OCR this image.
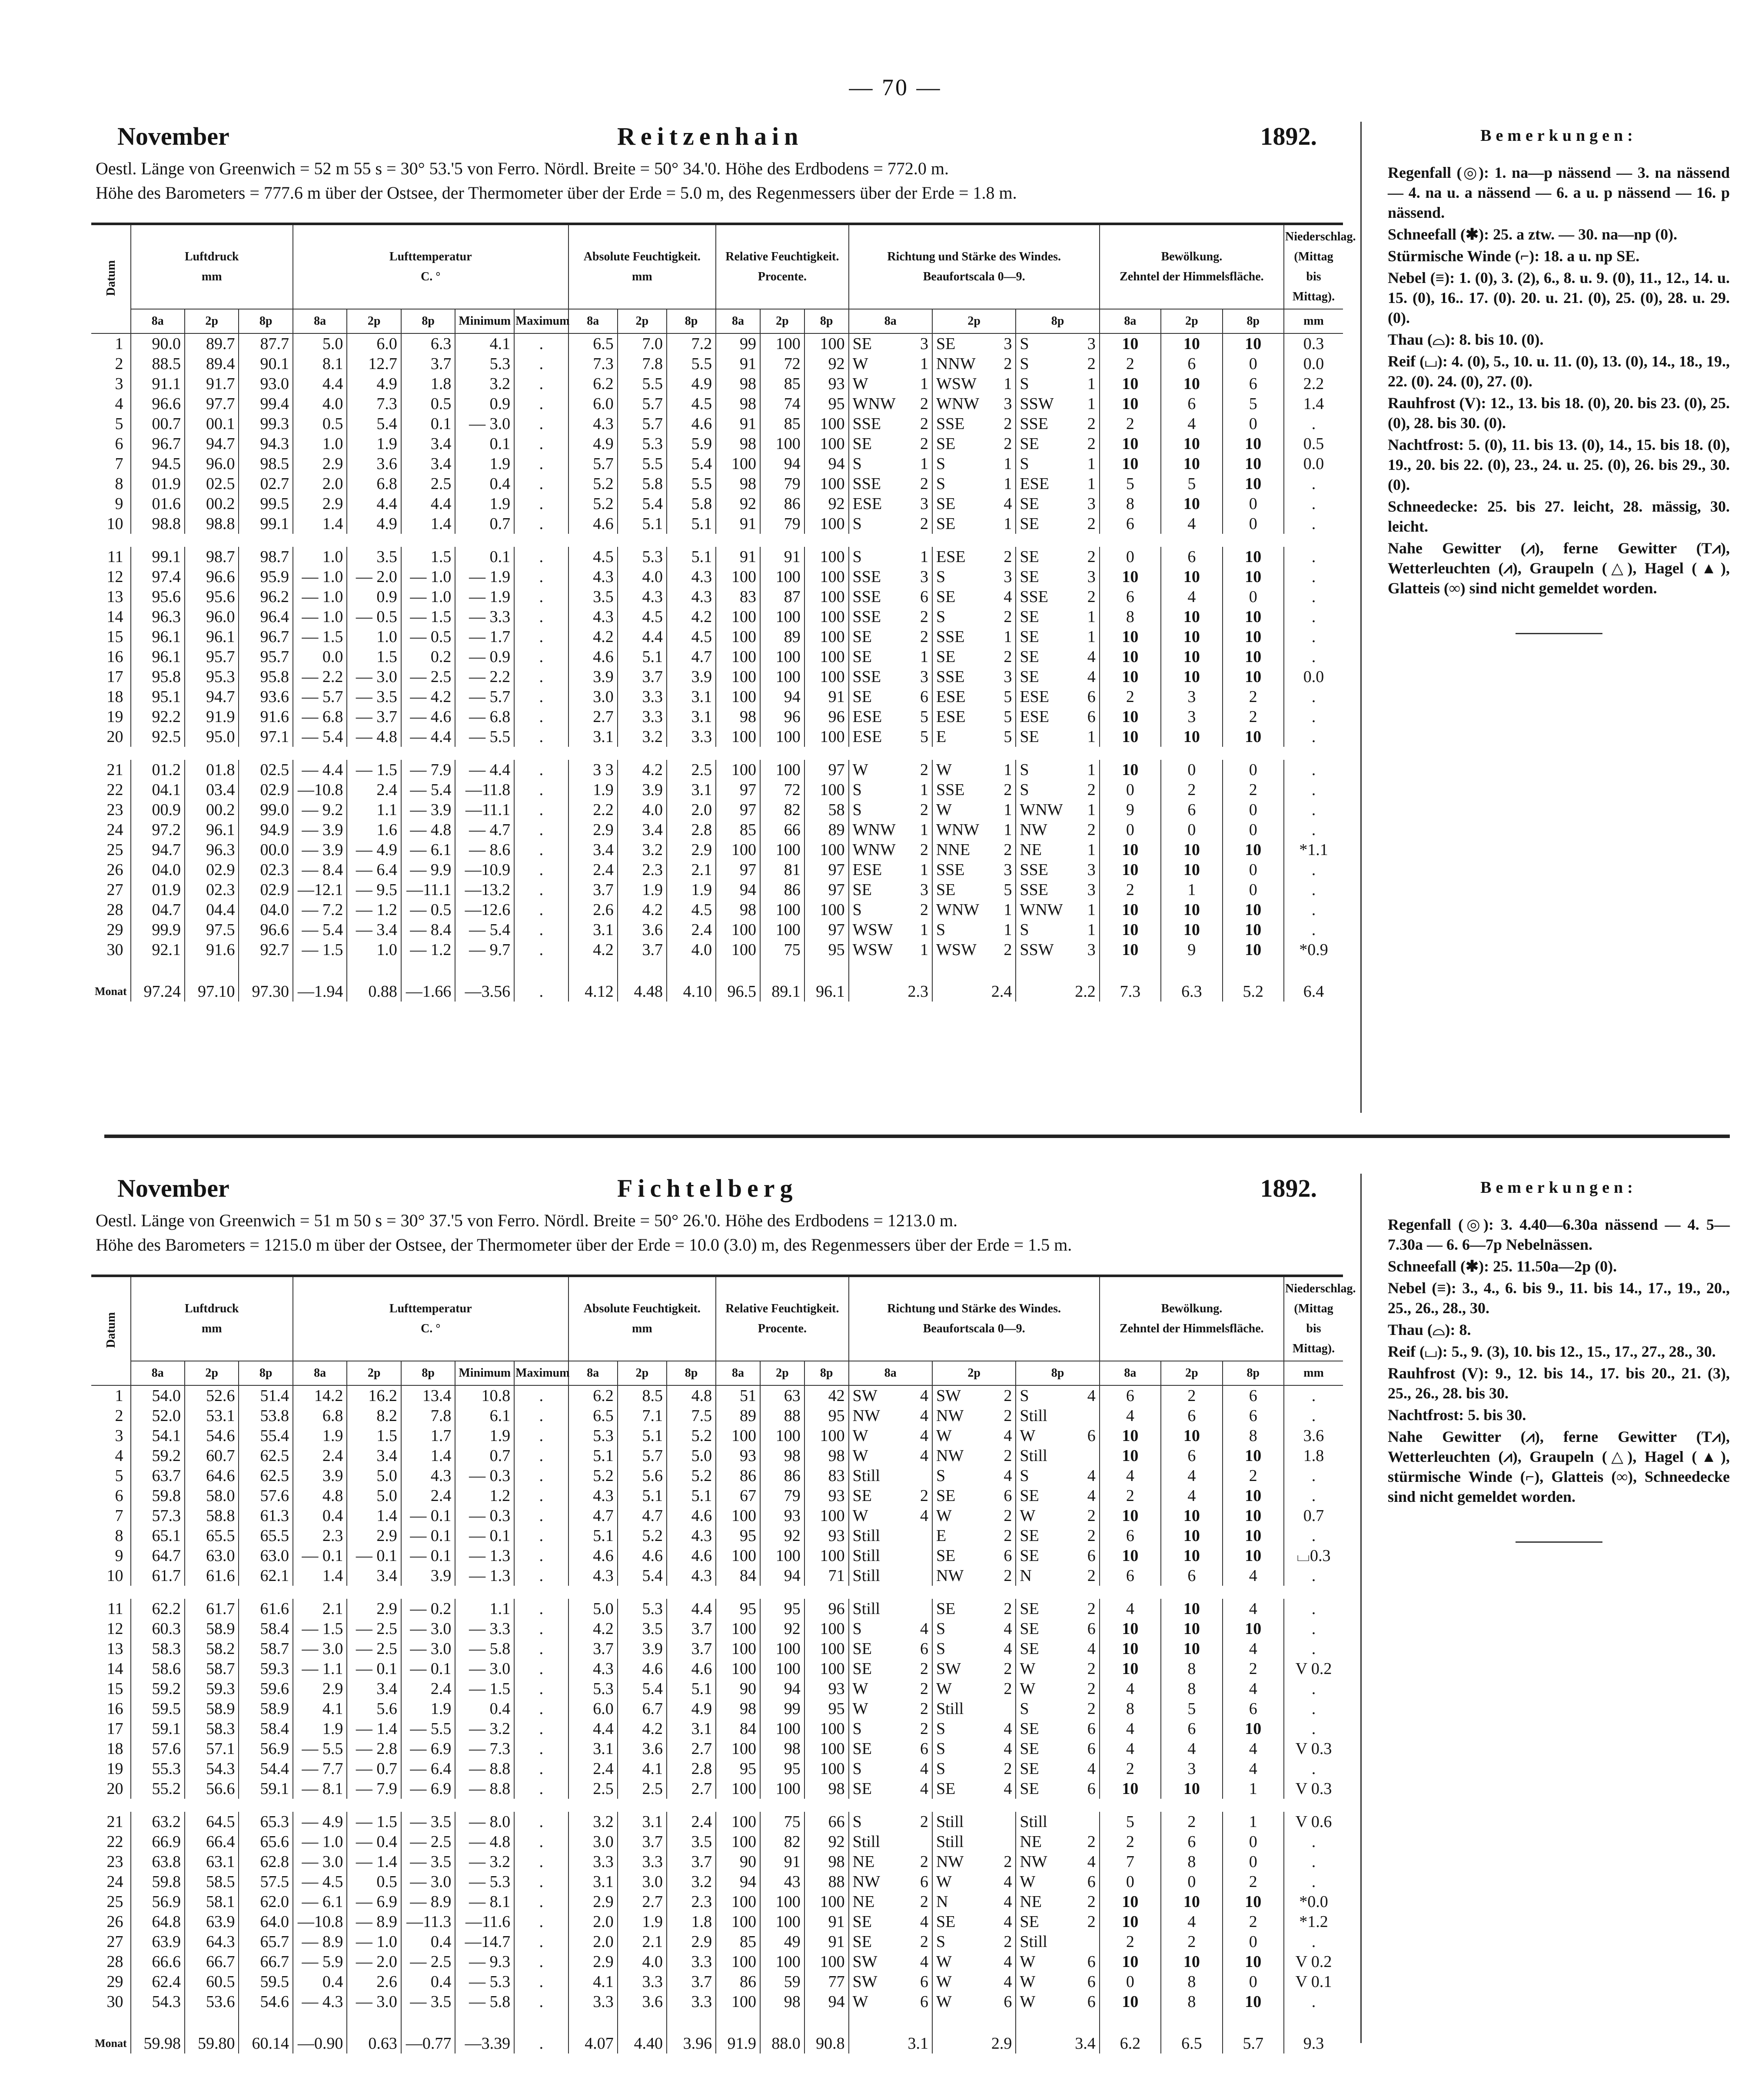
— 70 —
November	Reitzenhain	1892.
Oestl. Länge von Greenwich = 52 m 55 s = 30° 53.'5 von Ferro. Nördl. Breite = 50° 34.'0. Höhe des Erdbodens = 772.0 m.
Höhe des Barometers = 777.6 m über der Ostsee, der Thermometer über der Erde = 5.0 m, des Regenmessers über der Erde = 1.8 m.
Datum	Luftdruck
mm			Lufttemperatur
C. °					Absolute Feuchtigkeit.
mm			Relative Feuchtigkeit.
Procente.			Richtung und Stärke des Windes.
Beaufortscala 0—9.			Bewölkung.
Zehntel der Himmelsfläche.			Niederschlag.
(Mittag bis Mittag).
	8a	2p	8p	8a	2p	8p	Minimum	Maximum	8a	2p	8p	8a	2p	8p	8a	2p	8p	8a	2p	8p	mm
1	90.0	89.7	87.7	5.0	6.0	6.3	4.1	.	6.5	7.0	7.2	99	100	100	SE 3	SE 3	S 3	10	10	10	0.3
2	88.5	89.4	90.1	8.1	12.7	3.7	5.3	.	7.3	7.8	5.5	91	72	92	W 1	NNW 2	S 2	2	6	0	0.0
3	91.1	91.7	93.0	4.4	4.9	1.8	3.2	.	6.2	5.5	4.9	98	85	93	W 1	WSW 1	S 1	10	10	6	2.2
4	96.6	97.7	99.4	4.0	7.3	0.5	0.9	.	6.0	5.7	4.5	98	74	95	WNW 2	WNW 3	SSW 1	10	6	5	1.4
5	00.7	00.1	99.3	0.5	5.4	0.1	— 3.0	.	4.3	5.7	4.6	91	85	100	SSE 2	SSE 2	SSE 2	2	4	0	.
6	96.7	94.7	94.3	1.0	1.9	3.4	0.1	.	4.9	5.3	5.9	98	100	100	SE 2	SE 2	SE 2	10	10	10	0.5
7	94.5	96.0	98.5	2.9	3.6	3.4	1.9	.	5.7	5.5	5.4	100	94	94	S 1	S 1	S 1	10	10	10	0.0
8	01.9	02.5	02.7	2.0	6.8	2.5	0.4	.	5.2	5.8	5.5	98	79	100	SSE 2	S 1	ESE 1	5	5	10	.
9	01.6	00.2	99.5	2.9	4.4	4.4	1.9	.	5.2	5.4	5.8	92	86	92	ESE 3	SE 4	SE 3	8	10	0	.
10	98.8	98.8	99.1	1.4	4.9	1.4	0.7	.	4.6	5.1	5.1	91	79	100	S 2	SE 1	SE 2	6	4	0	.

11	99.1	98.7	98.7	1.0	3.5	1.5	0.1	.	4.5	5.3	5.1	91	91	100	S 1	ESE 2	SE 2	0	6	10	.
12	97.4	96.6	95.9	— 1.0	— 2.0	— 1.0	— 1.9	.	4.3	4.0	4.3	100	100	100	SSE 3	S 3	SE 3	10	10	10	.
13	95.6	95.6	96.2	— 1.0	0.9	— 1.0	— 1.9	.	3.5	4.3	4.3	83	87	100	SSE 6	SE 4	SSE 2	6	4	0	.
14	96.3	96.0	96.4	— 1.0	— 0.5	— 1.5	— 3.3	.	4.3	4.5	4.2	100	100	100	SSE 2	S 2	SE 1	8	10	10	.
15	96.1	96.1	96.7	— 1.5	1.0	— 0.5	— 1.7	.	4.2	4.4	4.5	100	89	100	SE 2	SSE 1	SE 1	10	10	10	.
16	96.1	95.7	95.7	0.0	1.5	0.2	— 0.9	.	4.6	5.1	4.7	100	100	100	SE 1	SE 2	SE 4	10	10	10	.
17	95.8	95.3	95.8	— 2.2	— 3.0	— 2.5	— 2.2	.	3.9	3.7	3.9	100	100	100	SSE 3	SSE 3	SE 4	10	10	10	0.0
18	95.1	94.7	93.6	— 5.7	— 3.5	— 4.2	— 5.7	.	3.0	3.3	3.1	100	94	91	SE 6	ESE 5	ESE 6	2	3	2	.
19	92.2	91.9	91.6	— 6.8	— 3.7	— 4.6	— 6.8	.	2.7	3.3	3.1	98	96	96	ESE 5	ESE 5	ESE 6	10	3	2	.
20	92.5	95.0	97.1	— 5.4	— 4.8	— 4.4	— 5.5	.	3.1	3.2	3.3	100	100	100	ESE 5	E 5	SE 1	10	10	10	.

21	01.2	01.8	02.5	— 4.4	— 1.5	— 7.9	— 4.4	.	3 3	4.2	2.5	100	100	97	W 2	W 1	S 1	10	0	0	.
22	04.1	03.4	02.9	—10.8	2.4	— 5.4	—11.8	.	1.9	3.9	3.1	97	72	100	S 1	SSE 2	S 2	0	2	2	.
23	00.9	00.2	99.0	— 9.2	1.1	— 3.9	—11.1	.	2.2	4.0	2.0	97	82	58	S 2	W 1	WNW 1	9	6	0	.
24	97.2	96.1	94.9	— 3.9	1.6	— 4.8	— 4.7	.	2.9	3.4	2.8	85	66	89	WNW 1	WNW 1	NW 2	0	0	0	.
25	94.7	96.3	00.0	— 3.9	— 4.9	— 6.1	— 8.6	.	3.4	3.2	2.9	100	100	100	WNW 2	NNE 2	NE 1	10	10	10	*1.1
26	04.0	02.9	02.3	— 8.4	— 6.4	— 9.9	—10.9	.	2.4	2.3	2.1	97	81	97	ESE 1	SSE 3	SSE 3	10	10	0	.
27	01.9	02.3	02.9	—12.1	— 9.5	—11.1	—13.2	.	3.7	1.9	1.9	94	86	97	SE 3	SE 5	SSE 3	2	1	0	.
28	04.7	04.4	04.0	— 7.2	— 1.2	— 0.5	—12.6	.	2.6	4.2	4.5	98	100	100	S 2	WNW 1	WNW 1	10	10	10	.
29	99.9	97.5	96.6	— 5.4	— 3.4	— 8.4	— 5.4	.	3.1	3.6	2.4	100	100	97	WSW 1	S 1	S 1	10	10	10	.
30	92.1	91.6	92.7	— 1.5	1.0	— 1.2	— 9.7	.	4.2	3.7	4.0	100	75	95	WSW 1	WSW 2	SSW 3	10	9	10	*0.9
Monat	97.24	97.10	97.30	—1.94	0.88	—1.66	—3.56	.	4.12	4.48	4.10	96.5	89.1	96.1	2.3	2.4	2.2	7.3	6.3	5.2	6.4
Bemerkungen:

Regenfall (◎): 1. na—p nässend — 3. na nässend — 4. na u. a nässend — 6. a u. p nässend — 16. p nässend.

Schneefall (✱): 25. a ztw. — 30. na—np (0).

Stürmische Winde (⌐): 18. a u. np SE.

Nebel (≡): 1. (0), 3. (2), 6., 8. u. 9. (0), 11., 12., 14. u. 15. (0), 16.. 17. (0). 20. u. 21. (0), 25. (0), 28. u. 29. (0).

Thau (⌓): 8. bis 10. (0).

Reif (⌴): 4. (0), 5., 10. u. 11. (0), 13. (0), 14., 18., 19., 22. (0). 24. (0), 27. (0).

Rauhfrost (V): 12., 13. bis 18. (0), 20. bis 23. (0), 25. (0), 28. bis 30. (0).

Nachtfrost: 5. (0), 11. bis 13. (0), 14., 15. bis 18. (0), 19., 20. bis 22. (0), 23., 24. u. 25. (0), 26. bis 29., 30. (0).

Schneedecke: 25. bis 27. leicht, 28. mässig, 30. leicht.

Nahe Gewitter (⩘), ferne Gewitter (T⩘), Wetterleuchten (⩘), Graupeln (△), Hagel (▲), Glatteis (∞) sind nicht gemeldet worden.

November	Fichtelberg	1892.
Oestl. Länge von Greenwich = 51 m 50 s = 30° 37.'5 von Ferro. Nördl. Breite = 50° 26.'0. Höhe des Erdbodens = 1213.0 m.
Höhe des Barometers = 1215.0 m über der Ostsee, der Thermometer über der Erde = 10.0 (3.0) m, des Regenmessers über der Erde = 1.5 m.
Datum	Luftdruck
mm			Lufttemperatur
C. °					Absolute Feuchtigkeit.
mm			Relative Feuchtigkeit.
Procente.			Richtung und Stärke des Windes.
Beaufortscala 0—9.			Bewölkung.
Zehntel der Himmelsfläche.			Niederschlag.
(Mittag bis Mittag).
	8a	2p	8p	8a	2p	8p	Minimum	Maximum	8a	2p	8p	8a	2p	8p	8a	2p	8p	8a	2p	8p	mm
1	54.0	52.6	51.4	14.2	16.2	13.4	10.8	.	6.2	8.5	4.8	51	63	42	SW 4	SW 2	S 4	6	2	6	.
2	52.0	53.1	53.8	6.8	8.2	7.8	6.1	.	6.5	7.1	7.5	89	88	95	NW 4	NW 2	Still	4	6	6	.
3	54.1	54.6	55.4	1.9	1.5	1.7	1.9	.	5.3	5.1	5.2	100	100	100	W 4	W 4	W 6	10	10	8	3.6
4	59.2	60.7	62.5	2.4	3.4	1.4	0.7	.	5.1	5.7	5.0	93	98	98	W 4	NW 2	Still	10	6	10	1.8
5	63.7	64.6	62.5	3.9	5.0	4.3	— 0.3	.	5.2	5.6	5.2	86	86	83	Still	S 4	S 4	4	4	2	.
6	59.8	58.0	57.6	4.8	5.0	2.4	1.2	.	4.3	5.1	5.1	67	79	93	SE 2	SE 6	SE 4	2	4	10	.
7	57.3	58.8	61.3	0.4	1.4	— 0.1	— 0.3	.	4.7	4.7	4.6	100	93	100	W 4	W 2	W 2	10	10	10	0.7
8	65.1	65.5	65.5	2.3	2.9	— 0.1	— 0.1	.	5.1	5.2	4.3	95	92	93	Still	E 2	SE 2	6	10	10	.
9	64.7	63.0	63.0	— 0.1	— 0.1	— 0.1	— 1.3	.	4.6	4.6	4.6	100	100	100	Still	SE 6	SE 6	10	10	10	⌴0.3
10	61.7	61.6	62.1	1.4	3.4	3.9	— 1.3	.	4.3	5.4	4.3	84	94	71	Still	NW 2	N 2	6	6	4	.

11	62.2	61.7	61.6	2.1	2.9	— 0.2	1.1	.	5.0	5.3	4.4	95	95	96	Still	SE 2	SE 2	4	10	4	.
12	60.3	58.9	58.4	— 1.5	— 2.5	— 3.0	— 3.3	.	4.2	3.5	3.7	100	92	100	S 4	S 4	SE 6	10	10	10	.
13	58.3	58.2	58.7	— 3.0	— 2.5	— 3.0	— 5.8	.	3.7	3.9	3.7	100	100	100	SE 6	S 4	SE 4	10	10	4	.
14	58.6	58.7	59.3	— 1.1	— 0.1	— 0.1	— 3.0	.	4.3	4.6	4.6	100	100	100	SE 2	SW 2	W 2	10	8	2	V 0.2
15	59.2	59.3	59.6	2.9	3.4	2.4	— 1.5	.	5.3	5.4	5.1	90	94	93	W 2	W 2	W 2	4	8	4	.
16	59.5	58.9	58.9	4.1	5.6	1.9	0.4	.	6.0	6.7	4.9	98	99	95	W 2	Still	S 2	8	5	6	.
17	59.1	58.3	58.4	1.9	— 1.4	— 5.5	— 3.2	.	4.4	4.2	3.1	84	100	100	S 2	S 4	SE 6	4	6	10	.
18	57.6	57.1	56.9	— 5.5	— 2.8	— 6.9	— 7.3	.	3.1	3.6	2.7	100	98	100	SE 6	S 4	SE 6	4	4	4	V 0.3
19	55.3	54.3	54.4	— 7.7	— 0.7	— 6.4	— 8.8	.	2.4	4.1	2.8	95	95	100	S 4	S 2	SE 4	2	3	4	.
20	55.2	56.6	59.1	— 8.1	— 7.9	— 6.9	— 8.8	.	2.5	2.5	2.7	100	100	98	SE 4	SE 4	SE 6	10	10	1	V 0.3

21	63.2	64.5	65.3	— 4.9	— 1.5	— 3.5	— 8.0	.	3.2	3.1	2.4	100	75	66	S 2	Still	Still	5	2	1	V 0.6
22	66.9	66.4	65.6	— 1.0	— 0.4	— 2.5	— 4.8	.	3.0	3.7	3.5	100	82	92	Still	Still	NE 2	2	6	0	.
23	63.8	63.1	62.8	— 3.0	— 1.4	— 3.5	— 3.2	.	3.3	3.3	3.7	90	91	98	NE 2	NW 2	NW 4	7	8	0	.
24	59.8	58.5	57.5	— 4.5	0.5	— 3.0	— 5.3	.	3.1	3.0	3.2	94	43	88	NW 6	W 4	W 6	0	0	2	.
25	56.9	58.1	62.0	— 6.1	— 6.9	— 8.9	— 8.1	.	2.9	2.7	2.3	100	100	100	NE 2	N 4	NE 2	10	10	10	*0.0
26	64.8	63.9	64.0	—10.8	— 8.9	—11.3	—11.6	.	2.0	1.9	1.8	100	100	91	SE 4	SE 4	SE 2	10	4	2	*1.2
27	63.9	64.3	65.7	— 8.9	— 1.0	0.4	—14.7	.	2.0	2.1	2.9	85	49	91	SE 2	S 2	Still	2	2	0	.
28	66.6	66.7	66.7	— 5.9	— 2.0	— 2.5	— 9.3	.	2.9	4.0	3.3	100	100	100	SW 4	W 4	W 6	10	10	10	V 0.2
29	62.4	60.5	59.5	0.4	2.6	0.4	— 5.3	.	4.1	3.3	3.7	86	59	77	SW 6	W 4	W 6	0	8	0	V 0.1
30	54.3	53.6	54.6	— 4.3	— 3.0	— 3.5	— 5.8	.	3.3	3.6	3.3	100	98	94	W 6	W 6	W 6	10	8	10	.
Monat	59.98	59.80	60.14	—0.90	0.63	—0.77	—3.39	.	4.07	4.40	3.96	91.9	88.0	90.8	3.1	2.9	3.4	6.2	6.5	5.7	9.3
Bemerkungen:

Regenfall (◎): 3. 4.40—6.30a nässend — 4. 5—7.30a — 6. 6—7p Nebelnässen.

Schneefall (✱): 25. 11.50a—2p (0).

Nebel (≡): 3., 4., 6. bis 9., 11. bis 14., 17., 19., 20., 25., 26., 28., 30.

Thau (⌓): 8.

Reif (⌴): 5., 9. (3), 10. bis 12., 15., 17., 27., 28., 30.

Rauhfrost (V): 9., 12. bis 14., 17. bis 20., 21. (3), 25., 26., 28. bis 30.

Nachtfrost: 5. bis 30.

Nahe Gewitter (⩘), ferne Gewitter (T⩘), Wetterleuchten (⩘), Graupeln (△), Hagel (▲), stürmische Winde (⌐), Glatteis (∞), Schneedecke sind nicht gemeldet worden.
